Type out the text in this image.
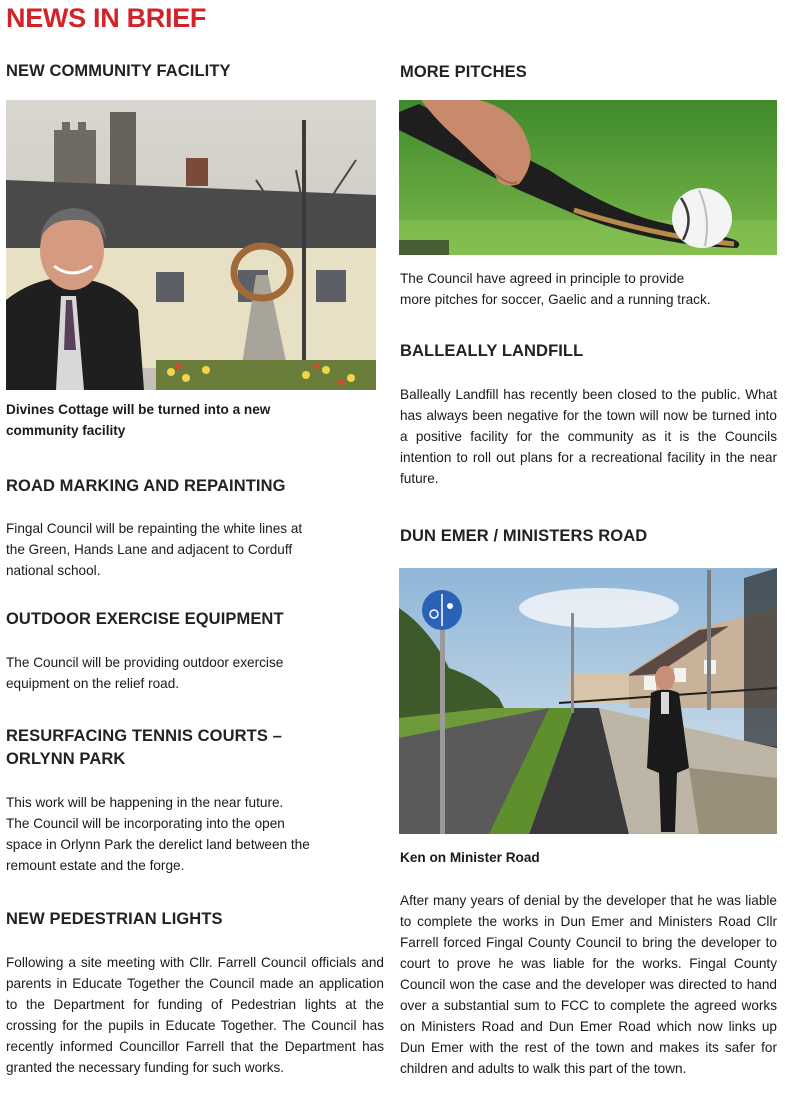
NEWS IN BRIEF
NEW COMMUNITY FACILITY
Divines Cottage will be turned into a new
community facility
ROAD MARKING AND REPAINTING
Fingal Council will be repainting the white lines at
the Green, Hands Lane and adjacent to Corduff
national school.
OUTDOOR EXERCISE EQUIPMENT
The Council will be providing outdoor exercise
equipment on the relief road.
RESURFACING TENNIS COURTS –
ORLYNN PARK
This work will be happening in the near future.
The Council will be incorporating into the open
space in Orlynn Park the derelict land between the
remount estate and the forge.
NEW PEDESTRIAN LIGHTS
Following a site meeting with Cllr. Farrell Council officials and parents in Educate Together the Council made an application to the Department for funding of Pedestrian lights at the crossing for the pupils in Educate Together. The Council has recently informed Councillor Farrell that the Department has granted the necessary funding for such works.
MORE PITCHES
The Council have agreed in principle to provide
more pitches for soccer, Gaelic and a running track.
BALLEALLY LANDFILL
Balleally Landfill has recently been closed to the public. What has always been negative for the town will now be turned into a positive facility for the community as it is the Councils intention to roll out plans for a recreational facility in the near future.
DUN EMER / MINISTERS ROAD
Ken on Minister Road
After many years of denial by the developer that he was liable to complete the works in Dun Emer and Ministers Road Cllr Farrell forced Fingal County Council to bring the developer to court to prove he was liable for the works. Fingal County Council won the case and the developer was directed to hand over a substantial sum to FCC to complete the agreed works on Ministers Road and Dun Emer Road which now links up Dun Emer with the rest of the town and makes its safer for children and adults to walk this part of the town.
